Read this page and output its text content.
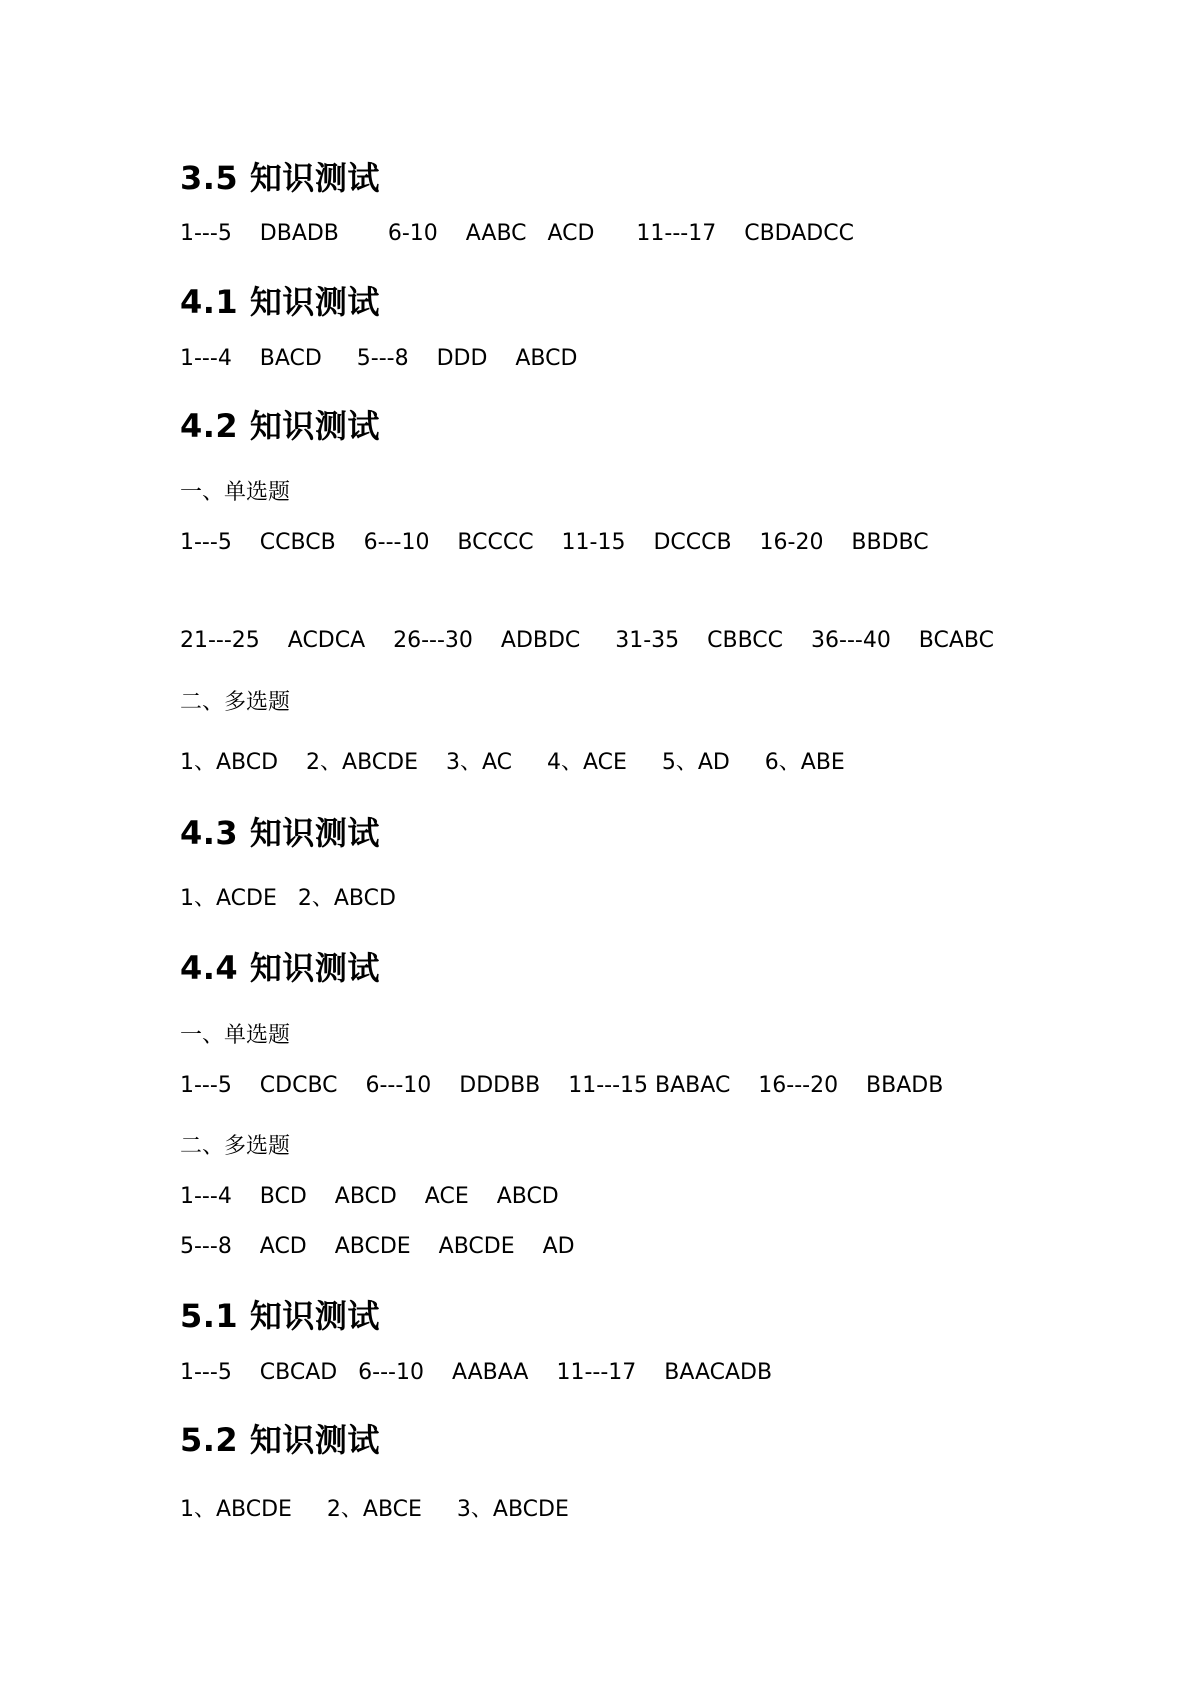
3.5 知识测试

1---5    DBADB       6-10    AABC   ACD      11---17    CBDADCC

4.1 知识测试

1---4    BACD     5---8    DDD    ABCD

4.2 知识测试

一、单选题

1---5    CCBCB    6---10    BCCCC    11-15    DCCCB    16-20    BBDBC

21---25    ACDCA    26---30    ADBDC     31-35    CBBCC    36---40    BCABC

二、多选题

1、ABCD    2、ABCDE    3、AC     4、ACE     5、AD     6、ABE

4.3 知识测试

1、ACDE   2、ABCD

4.4 知识测试

一、单选题

1---5    CDCBC    6---10    DDDBB    11---15 BABAC    16---20    BBADB

二、多选题

1---4    BCD    ABCD    ACE    ABCD

5---8    ACD    ABCDE    ABCDE    AD

5.1 知识测试

1---5    CBCAD   6---10    AABAA    11---17    BAACADB

5.2 知识测试

1、ABCDE     2、ABCE     3、ABCDE
